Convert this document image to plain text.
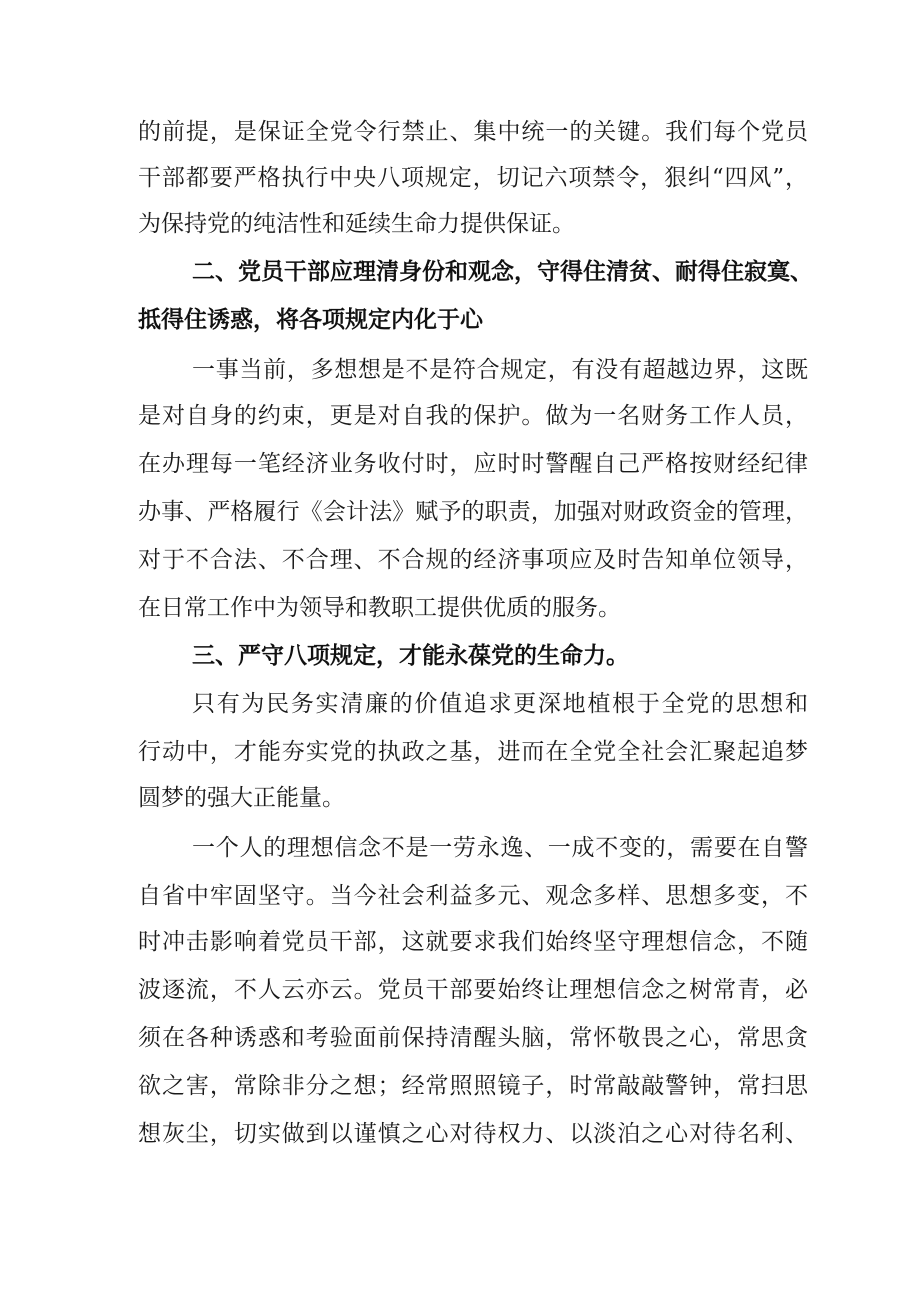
的前提，是保证全党令行禁止、集中统一的关键。我们每个党员
干部都要严格执行中央八项规定，切记六项禁令，狠纠“四风”，
为保持党的纯洁性和延续生命力提供保证。
二、党员干部应理清身份和观念，守得住清贫、耐得住寂寞、
抵得住诱惑，将各项规定内化于心
一事当前，多想想是不是符合规定，有没有超越边界，这既
是对自身的约束，更是对自我的保护。做为一名财务工作人员，
在办理每一笔经济业务收付时，应时时警醒自己严格按财经纪律
办事、严格履行《会计法》赋予的职责，加强对财政资金的管理，
对于不合法、不合理、不合规的经济事项应及时告知单位领导，
在日常工作中为领导和教职工提供优质的服务。
三、严守八项规定，才能永葆党的生命力。
只有为民务实清廉的价值追求更深地植根于全党的思想和
行动中，才能夯实党的执政之基，进而在全党全社会汇聚起追梦
圆梦的强大正能量。
一个人的理想信念不是一劳永逸、一成不变的，需要在自警
自省中牢固坚守。当今社会利益多元、观念多样、思想多变，不
时冲击影响着党员干部，这就要求我们始终坚守理想信念，不随
波逐流，不人云亦云。党员干部要始终让理想信念之树常青，必
须在各种诱惑和考验面前保持清醒头脑，常怀敬畏之心，常思贪
欲之害，常除非分之想；经常照照镜子，时常敲敲警钟，常扫思
想灰尘，切实做到以谨慎之心对待权力、以淡泊之心对待名利、
